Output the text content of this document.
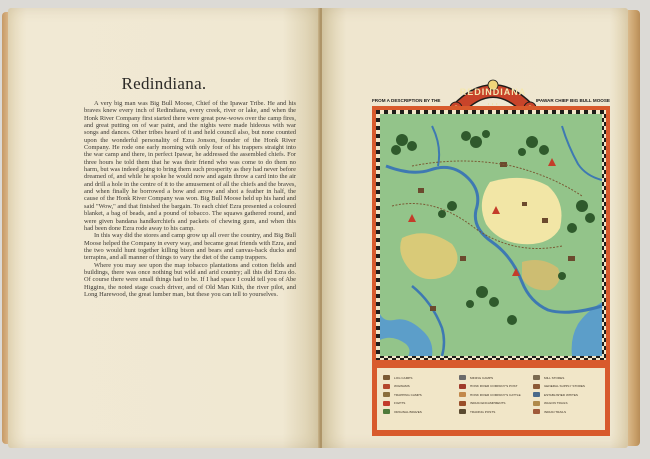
Redindiana.

A very big man was Big Bull Moose, Chief of the Ipawar Tribe. He and his braves knew every inch of Redindiana, every creek, river or lake, and when the Honk River Company first started there were great pow-wows over the camp fires, and great putting on of war paint, and the nights were made hideous with war songs and dances. Other tribes heard of it and held council also, but none counted upon the wonderful personality of Ezra Jonson, founder of the Honk River Company. He rode one early morning with only four of his trappers straight into the war camp and there, in perfect Ipawar, he addressed the assembled chiefs. For three hours he told them that he was their friend who was come to do them no harm, but was indeed going to bring them such prosperity as they had never before dreamed of, and while he spoke he would now and again throw a card into the air and drill a hole in the centre of it to the amusement of all the chiefs and the braves, and when finally he borrowed a bow and arrow and shot a feather in half, the cause of the Honk River Company was won. Big Bull Moose held up his hand and said "Wow," and that finished the bargain. To each chief Ezra presented a coloured blanket, a bag of beads, and a pound of tobacco. The squaws gathered round, and were given bandana handkerchiefs and packets of chewing gum, and when this had been done Ezra rode away to his camp.

In this way did the stores and camp grow up all over the country, and Big Bull Moose helped the Company in every way, and became great friends with Ezra, and the two would hunt together killing bison and bears and canvas-back ducks and terrapins, and all manner of things to vary the diet of the camp trappers.

Where you may see upon the map tobacco plantations and cotton fields and buildings, there was once nothing but wild and arid country; all this did Ezra do. Of course there were small things had to be. If I had space I could tell you of Abe Higgins, the noted stage coach driver, and of Old Man Kith, the river pilot, and Long Harewood, the great lumber man, but these you can tell to yourselves.

REDINDIANA
• • •
FROM A DESCRIPTION BY THE	IPAWAR CHIEF BIG BULL MOOSE
LOG CAMPS
WIGWAMS
TRAPPING CAMPS
FIGHTS
ORIGINAL BRAVES
MINING CAMPS
HONK RIVER COMPANY'S POST
HONK RIVER COMPANY'S CATTLE
INDIAN ENCAMPMENTS
TRADING POSTS
MILL STORES
GENERAL SUPPLY STORES
ESTABLISHED WHITES
WAGON TRAILS
INDIAN TRAILS
